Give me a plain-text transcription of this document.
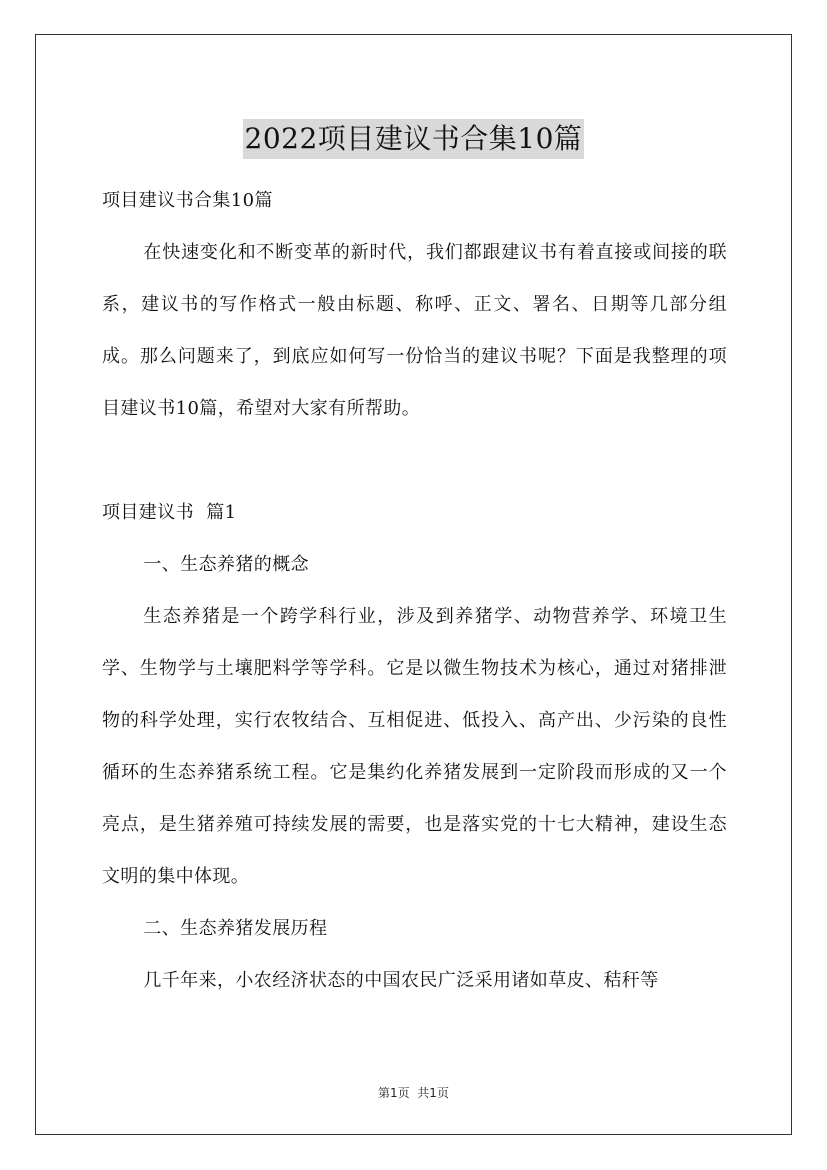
2022项目建议书合集10篇

项目建议书合集10篇

在快速变化和不断变革的新时代，我们都跟建议书有着直接或间接的联系，建议书的写作格式一般由标题、称呼、正文、署名、日期等几部分组成。那么问题来了，到底应如何写一份恰当的建议书呢？下面是我整理的项目建议书10篇，希望对大家有所帮助。

项目建议书  篇1

一、生态养猪的概念

生态养猪是一个跨学科行业，涉及到养猪学、动物营养学、环境卫生学、生物学与土壤肥料学等学科。它是以微生物技术为核心，通过对猪排泄物的科学处理，实行农牧结合、互相促进、低投入、高产出、少污染的良性循环的生态养猪系统工程。它是集约化养猪发展到一定阶段而形成的又一个亮点，是生猪养殖可持续发展的需要，也是落实党的十七大精神，建设生态文明的集中体现。

二、生态养猪发展历程

几千年来，小农经济状态的中国农民广泛采用诸如草皮、秸秆等

第1页  共1页
